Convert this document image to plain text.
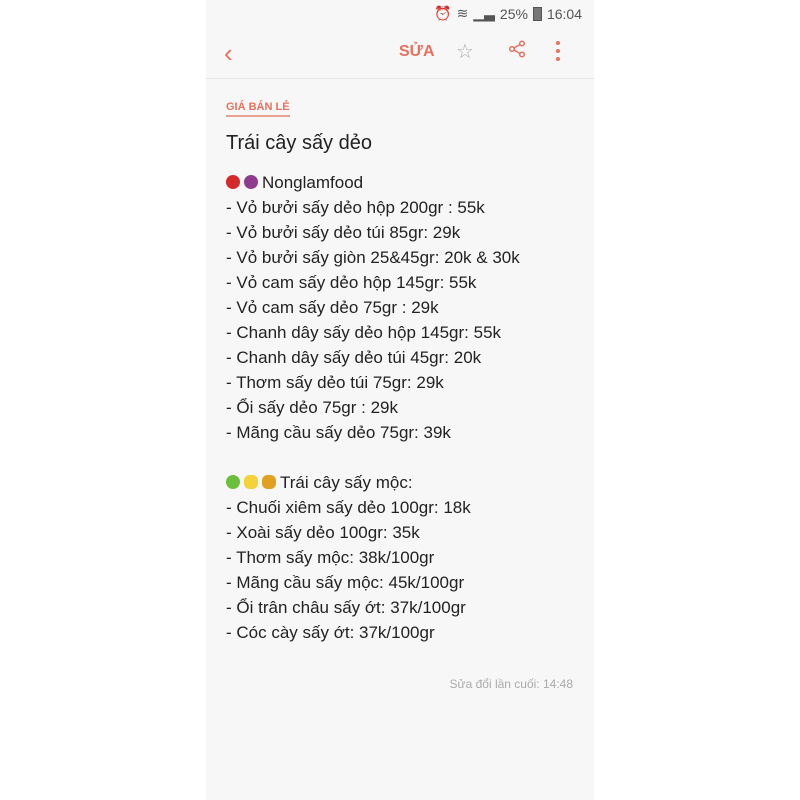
⏰ ≋ ▁▃ 25% 16:04
‹	SỬA ☆
GIÁ BÁN LẺ
Trái cây sấy dẻo
Nonglamfood
- Vỏ bưởi sấy dẻo hộp 200gr : 55k
- Vỏ bưởi sấy dẻo túi 85gr: 29k
- Vỏ bưởi sấy giòn 25&45gr: 20k & 30k
- Vỏ cam sấy dẻo hộp 145gr: 55k
- Vỏ cam sấy dẻo 75gr : 29k
- Chanh dây sấy dẻo hộp 145gr: 55k
- Chanh dây sấy dẻo túi 45gr: 20k
- Thơm sấy dẻo túi 75gr: 29k
- Ổi sấy dẻo 75gr : 29k
- Mãng cầu sấy dẻo 75gr: 39k
Trái cây sấy mộc:
- Chuối xiêm sấy dẻo 100gr: 18k
- Xoài sấy dẻo 100gr: 35k
- Thơm sấy mộc: 38k/100gr
- Mãng cầu sấy mộc: 45k/100gr
- Ổi trân châu sấy ớt: 37k/100gr
- Cóc cày sấy ớt: 37k/100gr
Sửa đổi lần cuối: 14:48
